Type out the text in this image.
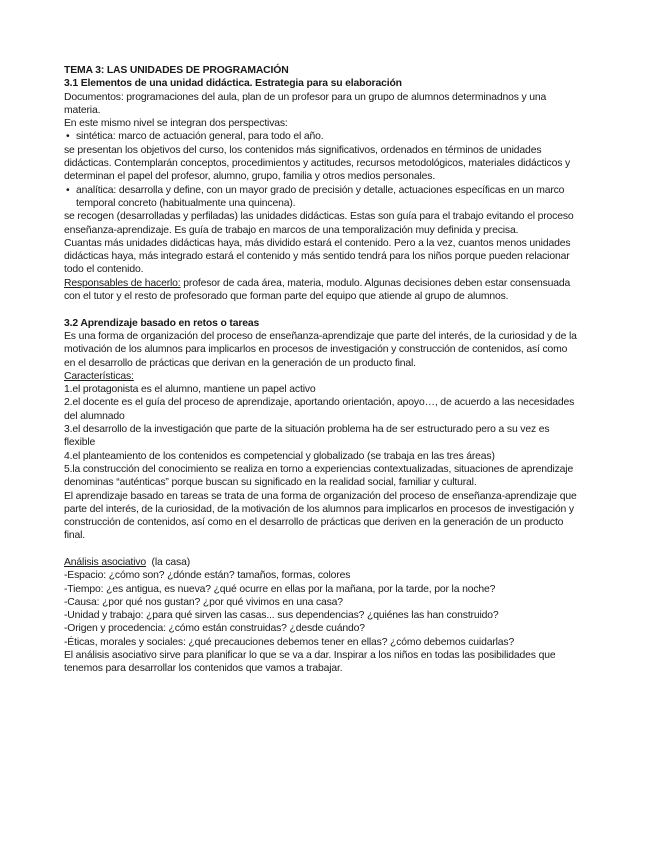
TEMA 3: LAS UNIDADES DE PROGRAMACIÓN

3.1 Elementos de una unidad didáctica. Estrategia para su elaboración

Documentos: programaciones del aula, plan de un profesor para un grupo de alumnos determinadnos y una materia.

En este mismo nivel se integran dos perspectivas:

• sintética: marco de actuación general, para todo el año.

se presentan los objetivos del curso, los contenidos más significativos, ordenados en términos de unidades didácticas. Contemplarán conceptos, procedimientos y actitudes, recursos metodológicos, materiales didácticos y determinan el papel del profesor, alumno, grupo, familia y otros medios personales.

• analítica: desarrolla y define, con un mayor grado de precisión y detalle, actuaciones específicas en un marco temporal concreto (habitualmente una quincena).

se recogen (desarrolladas y perfiladas) las unidades didácticas. Estas son guía para el trabajo evitando el proceso enseñanza-aprendizaje. Es guía de trabajo en marcos de una temporalización muy definida y precisa.

Cuantas más unidades didácticas haya, más dividido estará el contenido. Pero a la vez, cuantos menos unidades didácticas haya, más integrado estará el contenido y más sentido tendrá para los niños porque pueden relacionar todo el contenido.

Responsables de hacerlo: profesor de cada área, materia, modulo. Algunas decisiones deben estar consensuada con el tutor y el resto de profesorado que forman parte del equipo que atiende al grupo de alumnos.

3.2 Aprendizaje basado en retos o tareas

Es una forma de organización del proceso de enseñanza-aprendizaje que parte del interés, de la curiosidad y de la motivación de los alumnos para implicarlos en procesos de investigación y construcción de contenidos, así como en el desarrollo de prácticas que derivan en la generación de un producto final.

Características:

1.el protagonista es el alumno, mantiene un papel activo

2.el docente es el guía del proceso de aprendizaje, aportando orientación, apoyo…, de acuerdo a las necesidades del alumnado

3.el desarrollo de la investigación que parte de la situación problema ha de ser estructurado pero a su vez es flexible

4.el planteamiento de los contenidos es competencial y globalizado (se trabaja en las tres áreas)

5.la construcción del conocimiento se realiza en torno a experiencias contextualizadas, situaciones de aprendizaje denominas “auténticas” porque buscan su significado en la realidad social, familiar y cultural.

El aprendizaje basado en tareas se trata de una forma de organización del proceso de enseñanza-aprendizaje que parte del interés, de la curiosidad, de la motivación de los alumnos para implicarlos en procesos de investigación y construcción de contenidos, así como en el desarrollo de prácticas que deriven en la generación de un producto final.

Análisis asociativo  (la casa)

-Espacio: ¿cómo son? ¿dónde están? tamaños, formas, colores

-Tiempo: ¿es antigua, es nueva? ¿qué ocurre en ellas por la mañana, por la tarde, por la noche?

-Causa: ¿por qué nos gustan? ¿por qué vivimos en una casa?

-Unidad y trabajo: ¿para qué sirven las casas... sus dependencias? ¿quiénes las han construido?

-Origen y procedencia: ¿cómo están construidas? ¿desde cuándo?

-Éticas, morales y sociales: ¿qué precauciones debemos tener en ellas? ¿cómo debemos cuidarlas?

El análisis asociativo sirve para planificar lo que se va a dar. Inspirar a los niños en todas las posibilidades que tenemos para desarrollar los contenidos que vamos a trabajar.
